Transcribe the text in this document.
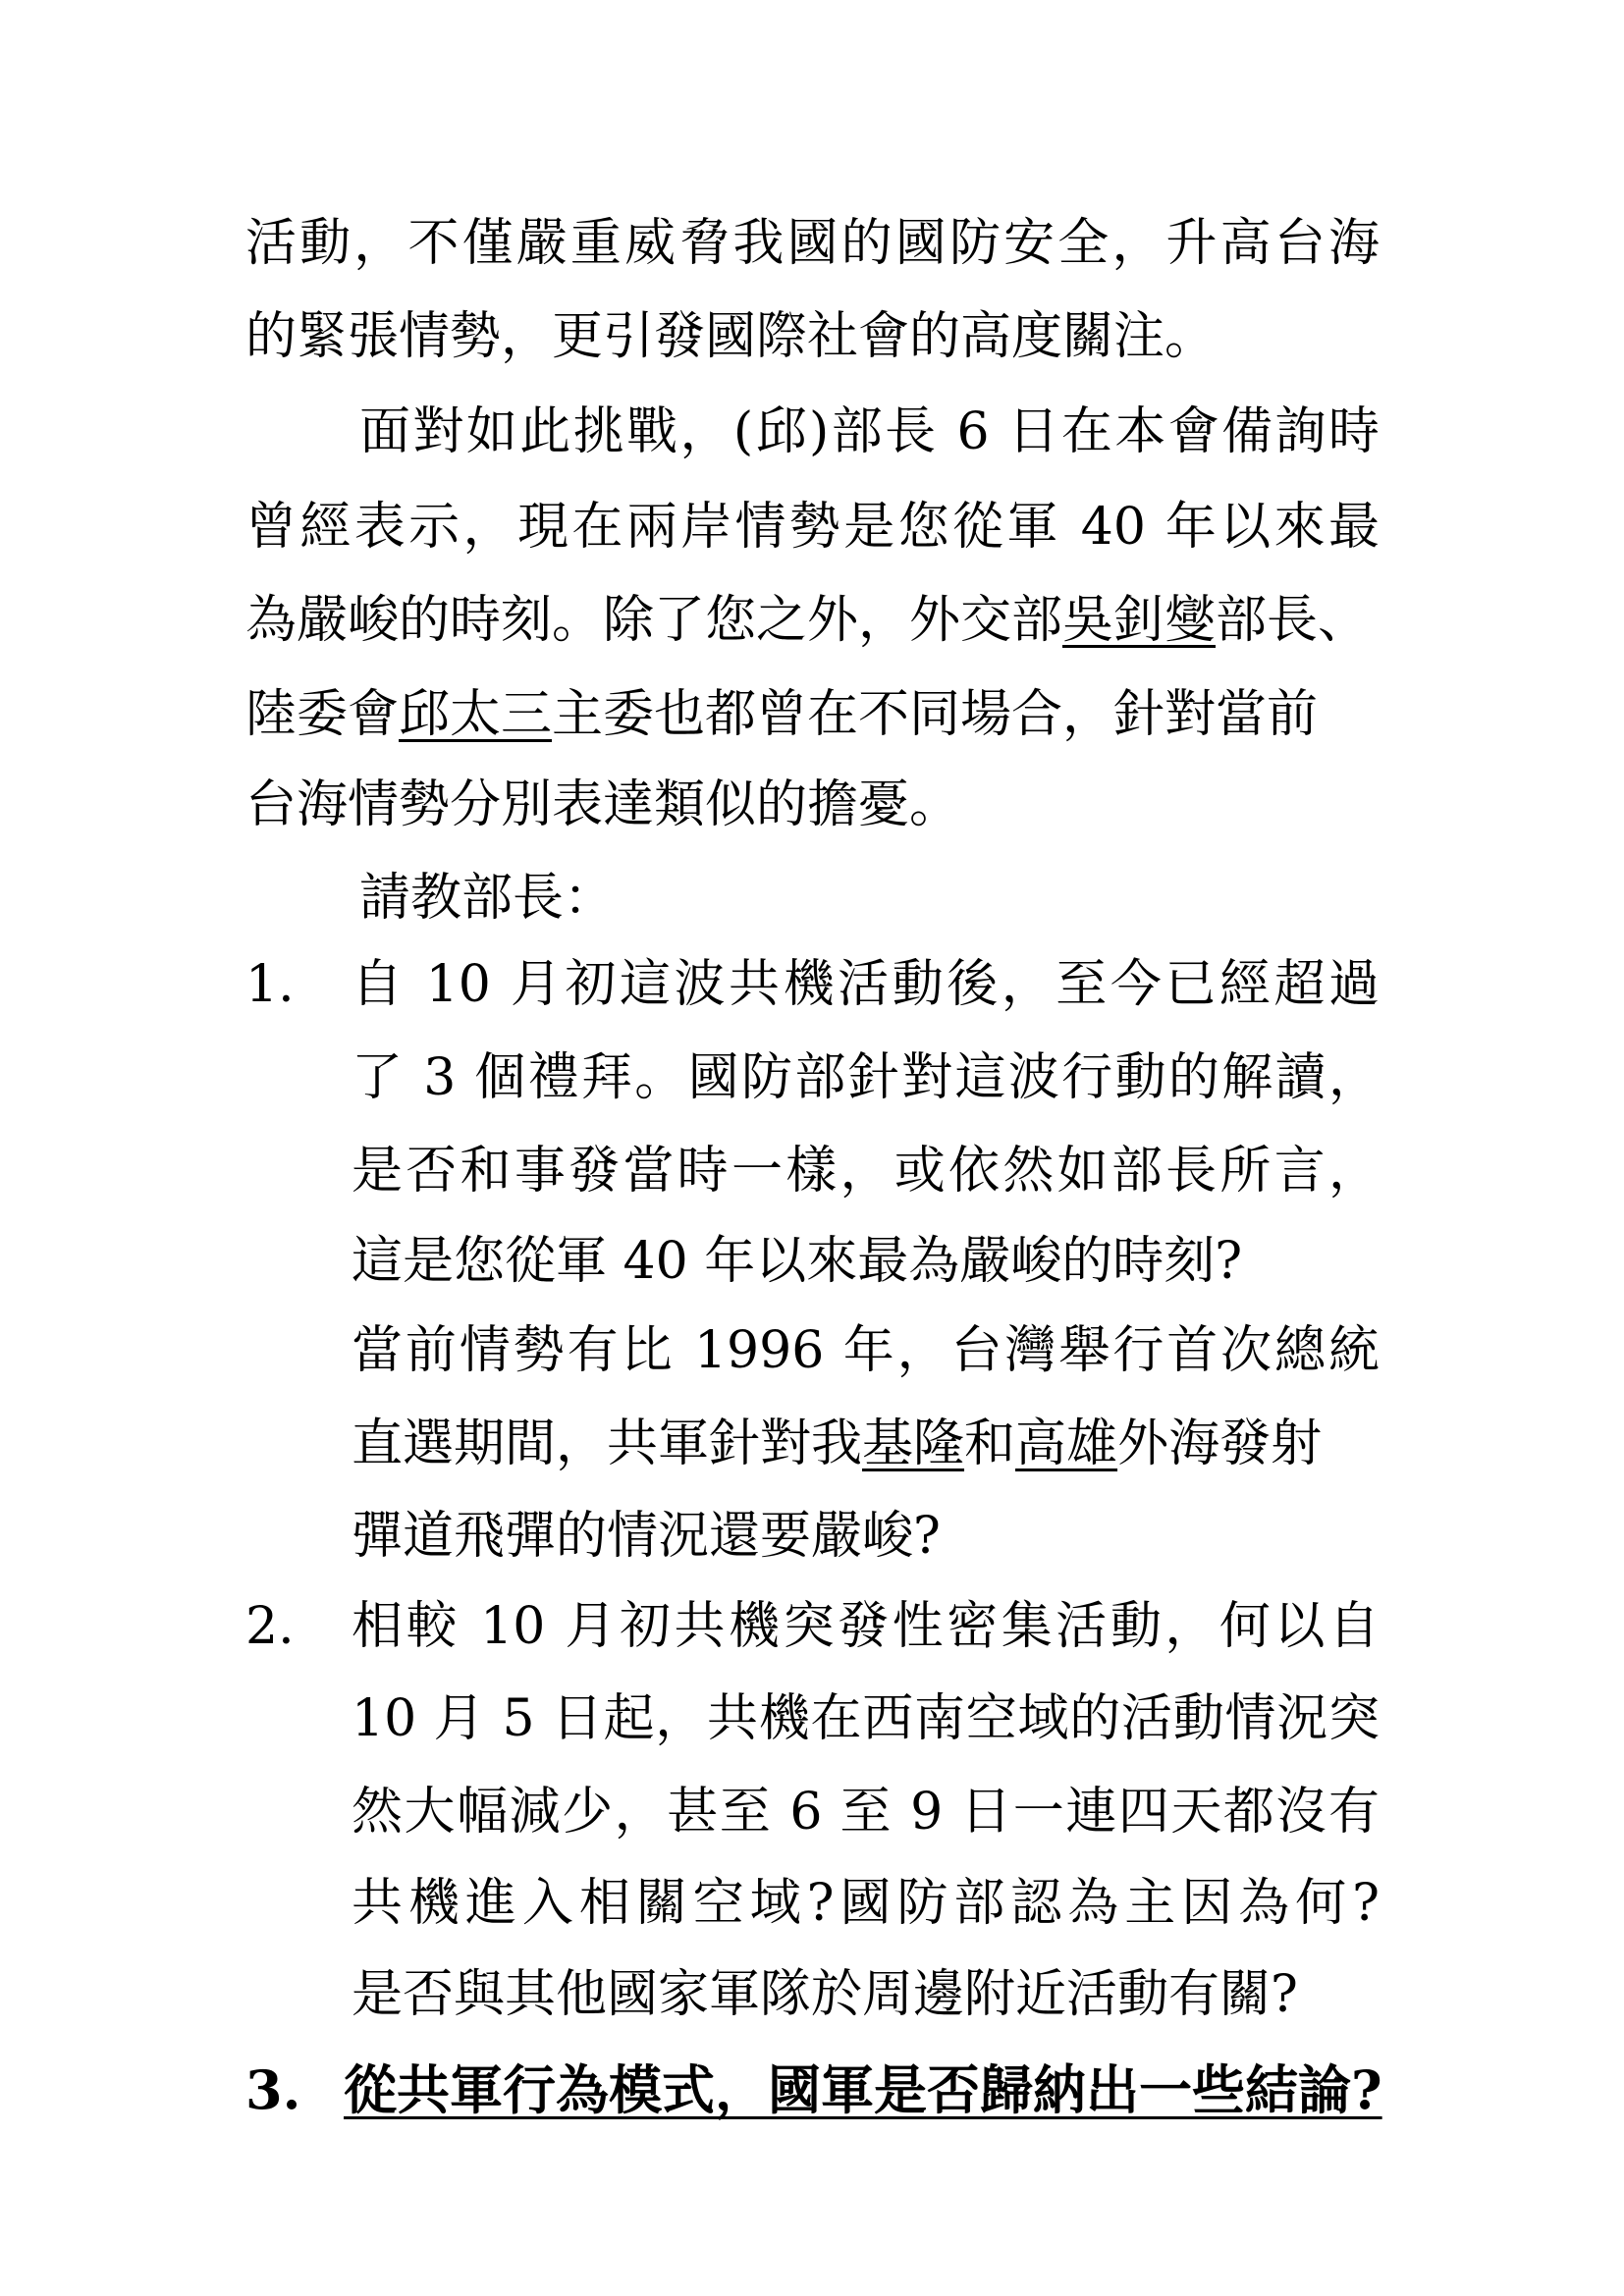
活動，不僅嚴重威脅我國的國防安全，升高台海
的緊張情勢，更引發國際社會的高度關注。
面對如此挑戰，(邱)部長 6 日在本會備詢時
曾經表示，現在兩岸情勢是您從軍 40 年以來最
為嚴峻的時刻。除了您之外，外交部吳釗燮部長、
陸委會邱太三主委也都曾在不同場合，針對當前
台海情勢分別表達類似的擔憂。
請教部長：
1. 自 10 月初這波共機活動後，至今已經超過
了 3 個禮拜。國防部針對這波行動的解讀，
是否和事發當時一樣，或依然如部長所言，
這是您從軍 40 年以來最為嚴峻的時刻?
當前情勢有比 1996 年，台灣舉行首次總統
直選期間，共軍針對我基隆和高雄外海發射
彈道飛彈的情況還要嚴峻?
2. 相較 10 月初共機突發性密集活動，何以自
10 月 5 日起，共機在西南空域的活動情況突
然大幅減少，甚至 6 至 9 日一連四天都沒有
共機進入相關空域?國防部認為主因為何?
是否與其他國家軍隊於周邊附近活動有關?
3. 從共軍行為模式，國軍是否歸納出一些結論?
